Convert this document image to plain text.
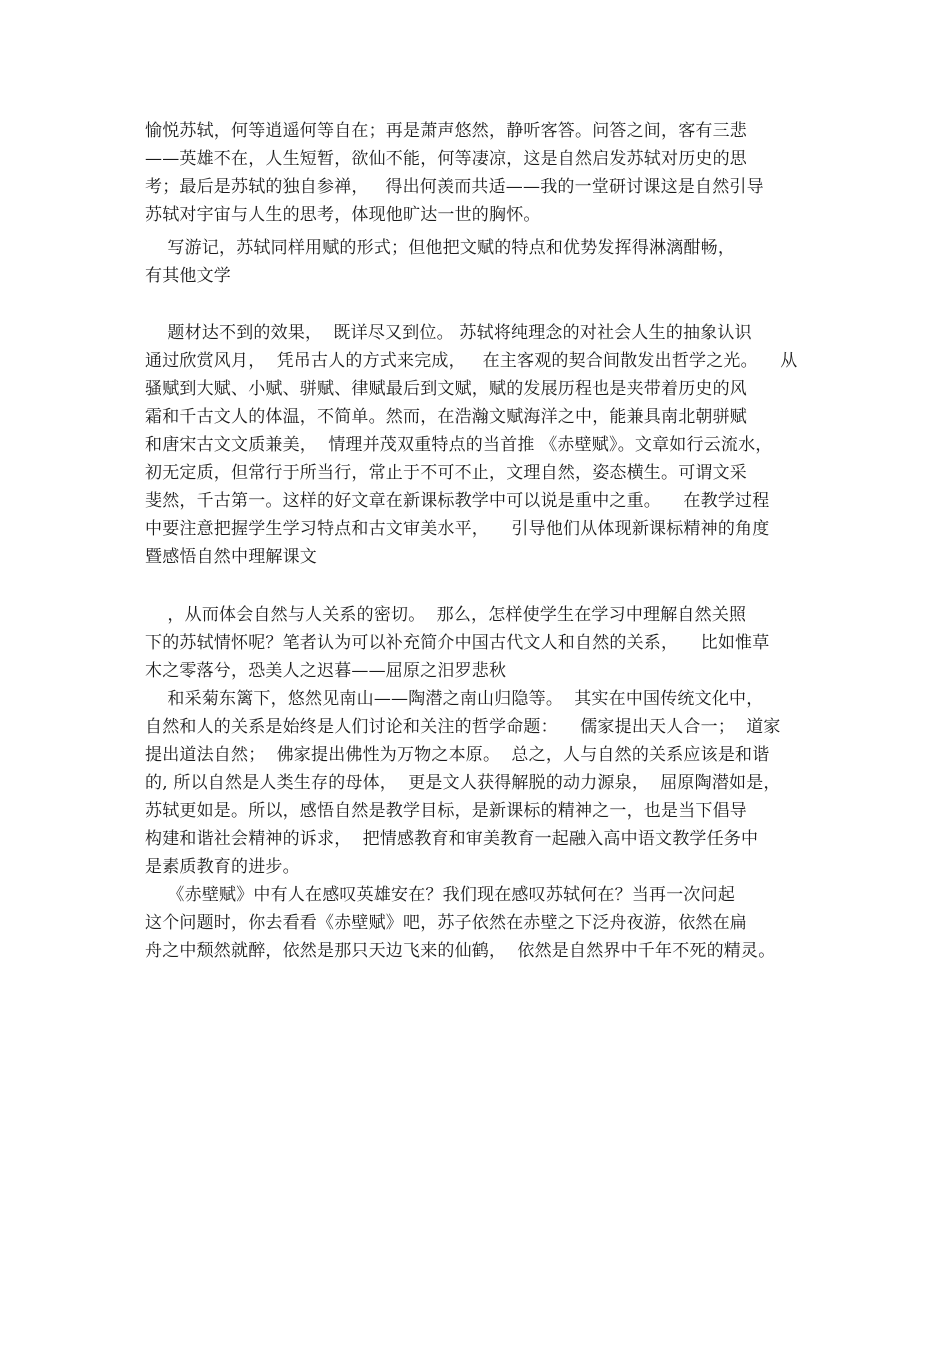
愉悦苏轼，何等逍遥何等自在；再是萧声悠然，静听客答。问答之间，客有三悲
——英雄不在，人生短暂，欲仙不能，何等凄凉，这是自然启发苏轼对历史的思
考；最后是苏轼的独自参禅，   得出何羡而共适——我的一堂研讨课这是自然引导
苏轼对宇宙与人生的思考，体现他旷达一世的胸怀。
写游记，苏轼同样用赋的形式；但他把文赋的特点和优势发挥得淋漓酣畅，
有其他文学
题材达不到的效果，  既详尽又到位。 苏轼将纯理念的对社会人生的抽象认识
通过欣赏风月，  凭吊古人的方式来完成，   在主客观的契合间散发出哲学之光。    从
骚赋到大赋、小赋、骈赋、律赋最后到文赋，赋的发展历程也是夹带着历史的风
霜和千古文人的体温，不简单。然而，在浩瀚文赋海洋之中，能兼具南北朝骈赋
和唐宋古文文质兼美，  情理并茂双重特点的当首推 《赤壁赋》。文章如行云流水，
初无定质，但常行于所当行，常止于不可不止，文理自然，姿态横生。可谓文采
斐然，千古第一。这样的好文章在新课标教学中可以说是重中之重。    在教学过程
中要注意把握学生学习特点和古文审美水平，    引导他们从体现新课标精神的角度
暨感悟自然中理解课文
，从而体会自然与人关系的密切。  那么，怎样使学生在学习中理解自然关照
下的苏轼情怀呢？笔者认为可以补充简介中国古代文人和自然的关系，    比如惟草
木之零落兮，恐美人之迟暮——屈原之汨罗悲秋
和采菊东篱下，悠然见南山——陶潜之南山归隐等。  其实在中国传统文化中，
自然和人的关系是始终是人们讨论和关注的哲学命题：    儒家提出天人合一；  道家
提出道法自然；  佛家提出佛性为万物之本原。  总之，人与自然的关系应该是和谐
的, 所以自然是人类生存的母体，  更是文人获得解脱的动力源泉，  屈原陶潜如是，
苏轼更如是。所以，感悟自然是教学目标，是新课标的精神之一，也是当下倡导
构建和谐社会精神的诉求，  把情感教育和审美教育一起融入高中语文教学任务中
是素质教育的进步。
《赤壁赋》中有人在感叹英雄安在？我们现在感叹苏轼何在？当再一次问起
这个问题时，你去看看《赤壁赋》吧，苏子依然在赤壁之下泛舟夜游，依然在扁
舟之中颓然就醉，依然是那只天边飞来的仙鹤，  依然是自然界中千年不死的精灵。
